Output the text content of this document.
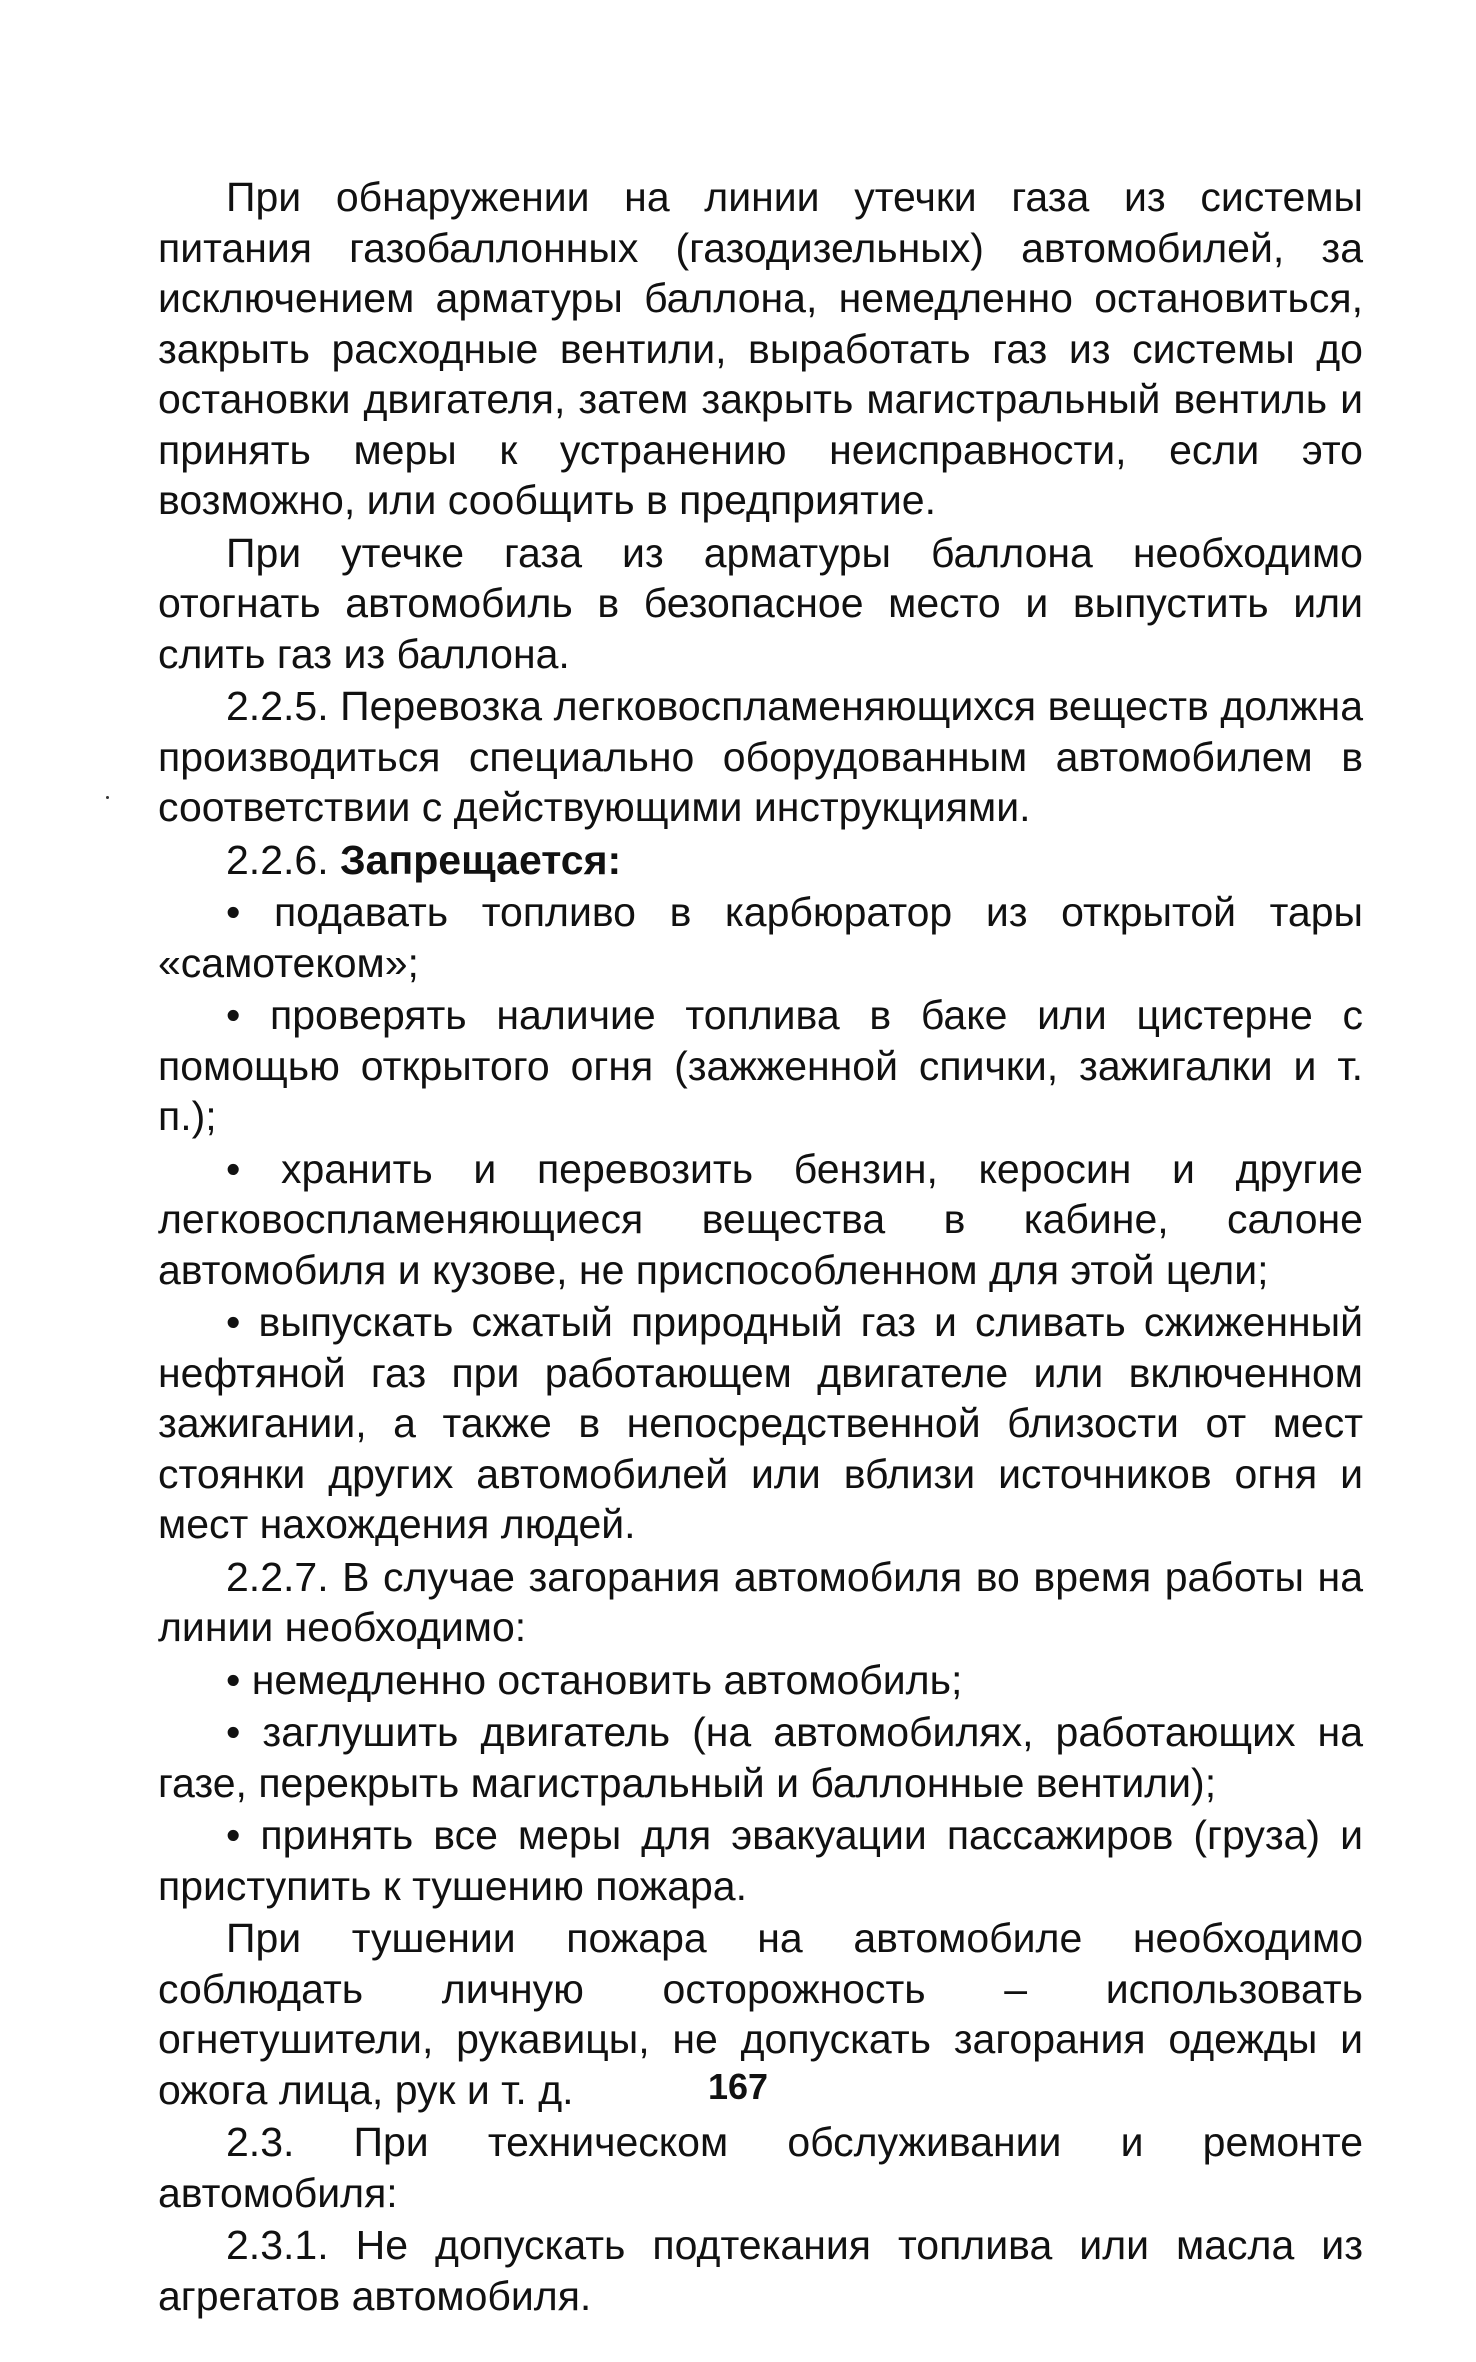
При обнаружении на линии утечки газа из системы питания газобаллонных (газодизельных) автомобилей, за исключением арматуры баллона, немедленно остановиться, закрыть расходные вентили, выработать газ из системы до остановки двигателя, затем закрыть магистральный вентиль и принять меры к устранению неисправности, если это возможно, или сообщить в предприятие.

При утечке газа из арматуры баллона необходимо отогнать автомобиль в безопасное место и выпустить или слить газ из баллона.

2.2.5. Перевозка легковоспламеняющихся веществ должна производиться специально оборудованным автомобилем в соответствии с действующими инструкциями.

2.2.6. Запрещается:

• подавать топливо в карбюратор из открытой тары «самотеком»;

• проверять наличие топлива в баке или цистерне с помощью открытого огня (зажженной спички, зажигалки и т. п.);

• хранить и перевозить бензин, керосин и другие легковоспламеняющиеся вещества в кабине, салоне автомобиля и кузове, не приспособленном для этой цели;

• выпускать сжатый природный газ и сливать сжиженный нефтяной газ при работающем двигателе или включенном зажигании, а также в непосредственной близости от мест стоянки других автомобилей или вблизи источников огня и мест нахождения людей.

2.2.7. В случае загорания автомобиля во время работы на линии необходимо:

• немедленно остановить автомобиль;

• заглушить двигатель (на автомобилях, работающих на газе, перекрыть магистральный и баллонные вентили);

• принять все меры для эвакуации пассажиров (груза) и приступить к тушению пожара.

При тушении пожара на автомобиле необходимо соблюдать личную осторожность – использовать огнетушители, рукавицы, не допускать загорания одежды и ожога лица, рук и т. д.

2.3. При техническом обслуживании и ремонте автомобиля:

2.3.1. Не допускать подтекания топлива или масла из агрегатов автомобиля.

167
